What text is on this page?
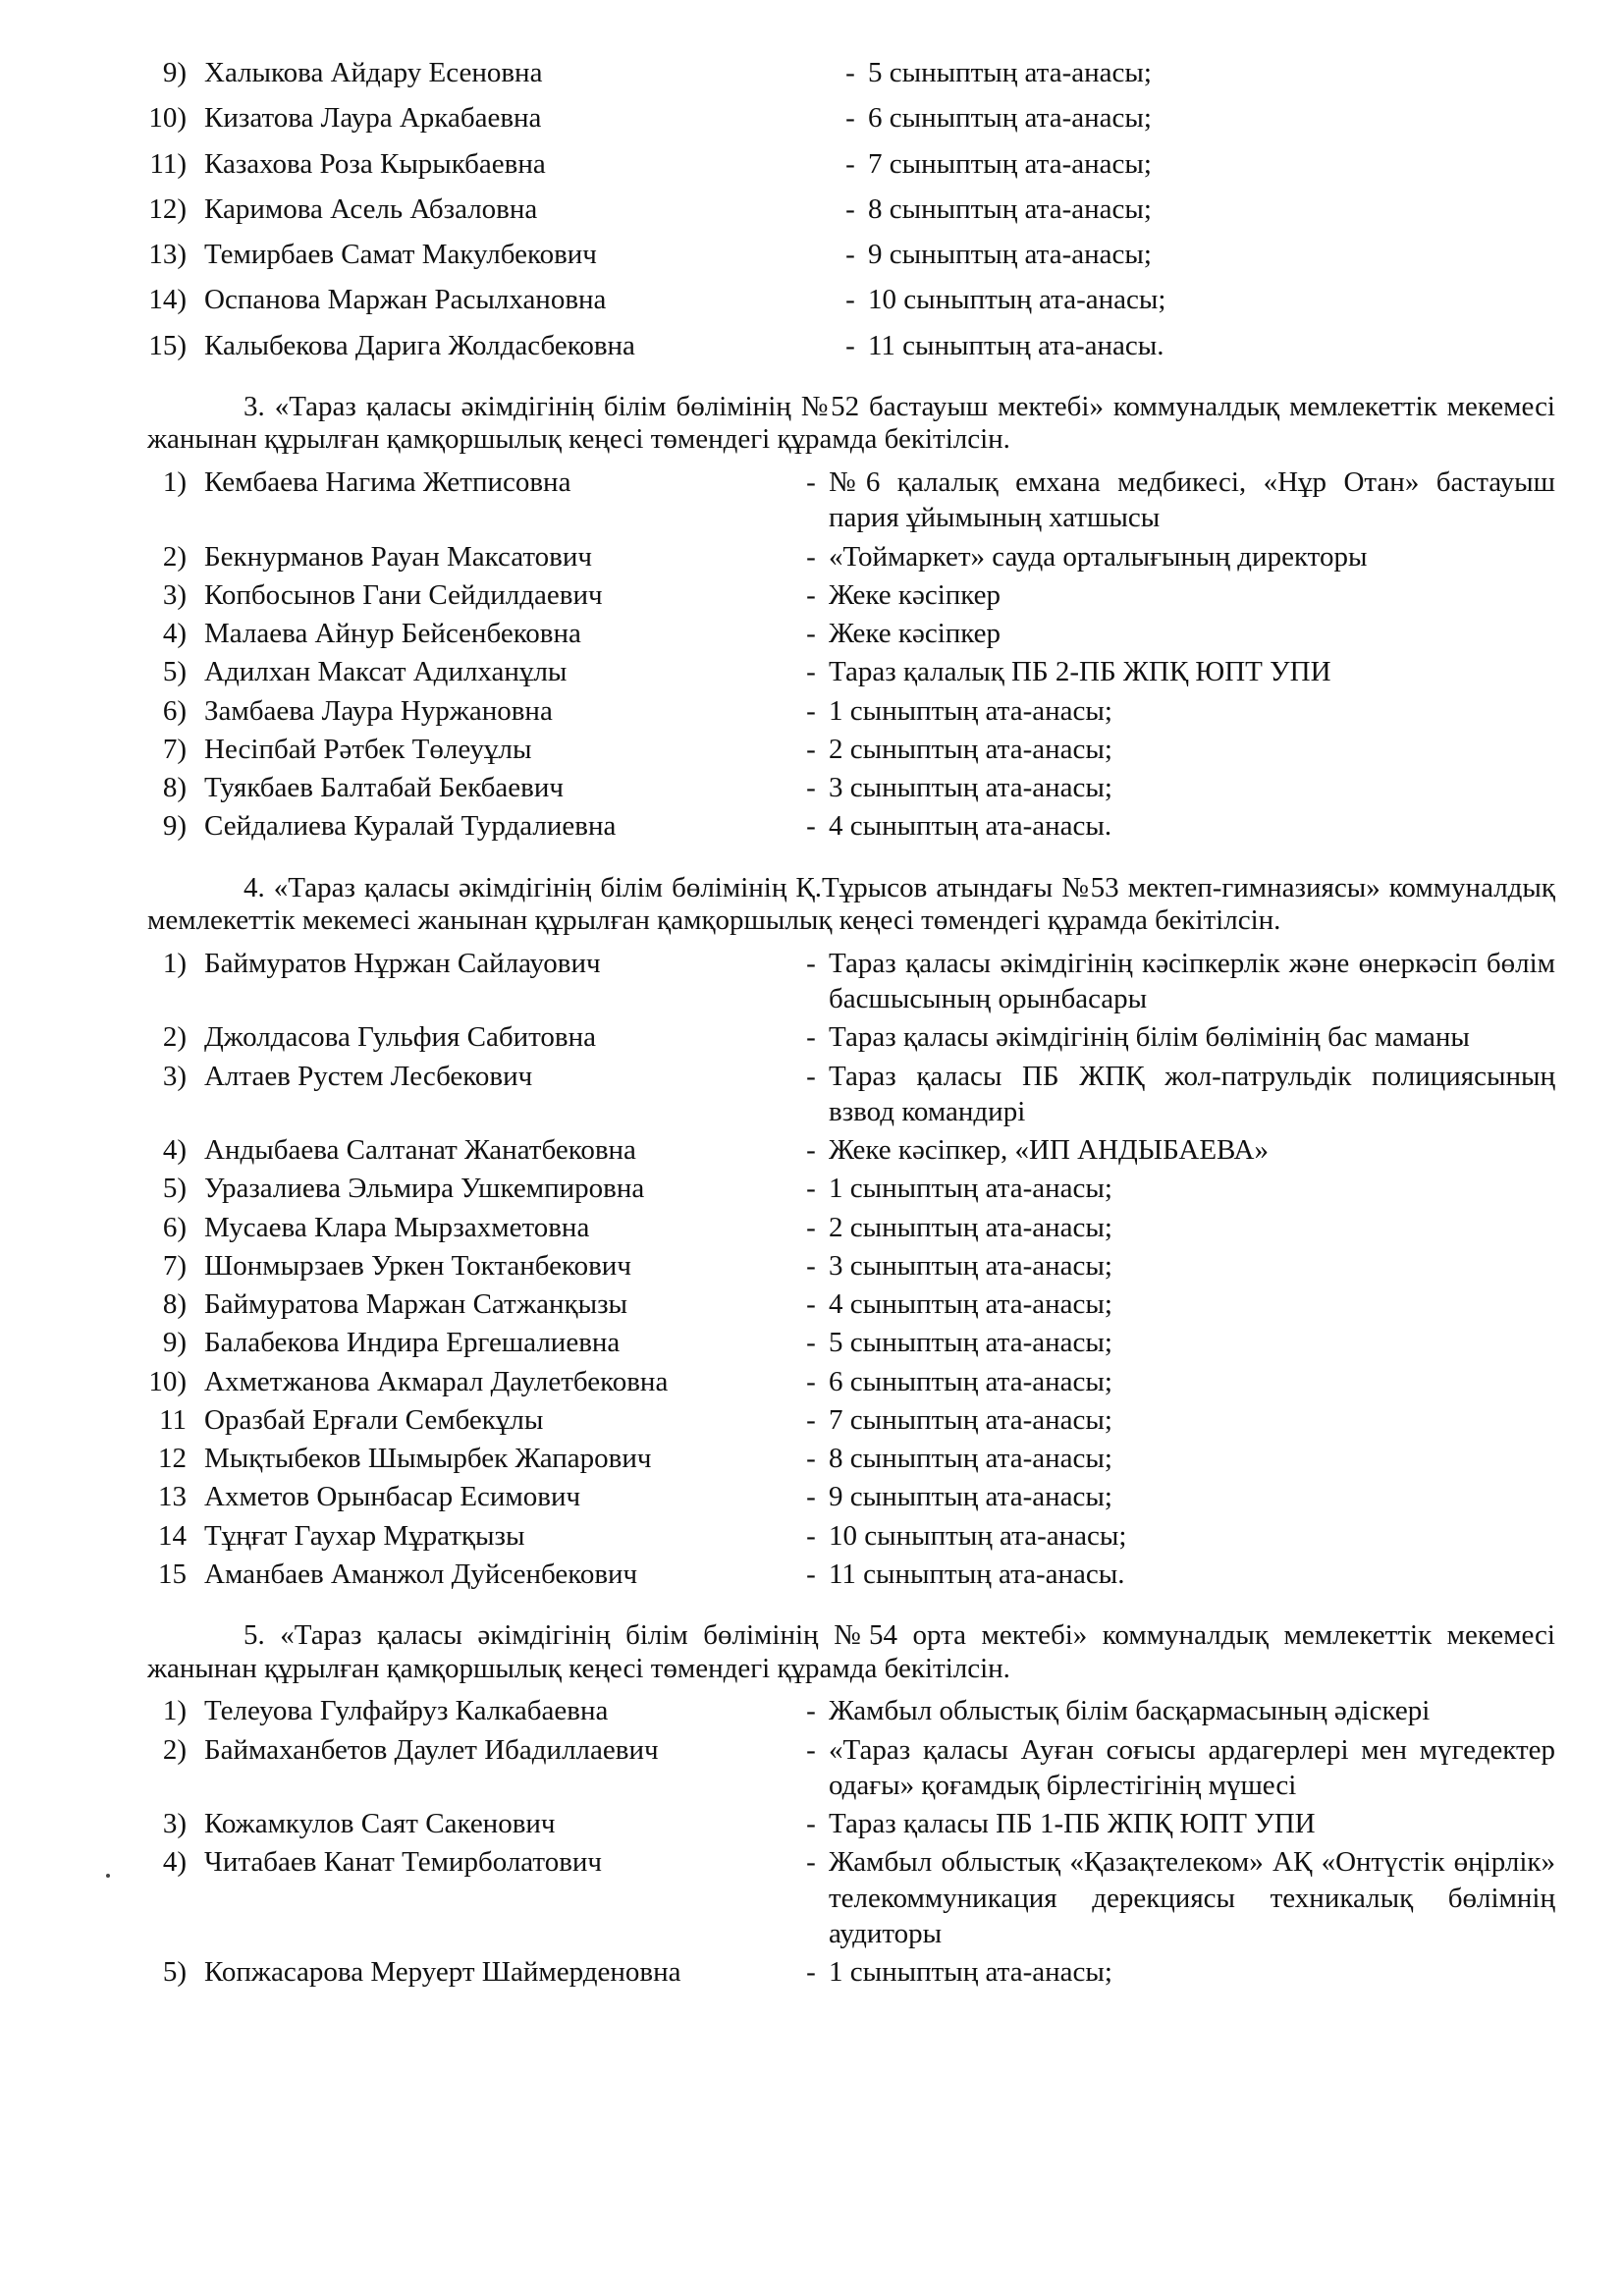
9) Халыкова Айдару Есеновна	- 5 сыныптың ата-анасы;
10) Кизатова Лаура Аркабаевна	- 6 сыныптың ата-анасы;
11) Казахова Роза Кырыкбаевна	- 7 сыныптың ата-анасы;
12) Каримова Асель Абзаловна	- 8 сыныптың ата-анасы;
13) Темирбаев Самат Макулбекович	- 9 сыныптың ата-анасы;
14) Оспанова Маржан Расылхановна	- 10 сыныптың ата-анасы;
15) Калыбекова Дарига Жолдасбековна	- 11 сыныптың ата-анасы.

3. «Тараз қаласы әкімдігінің білім бөлімінің №52 бастауыш мектебі» коммуналдық мемлекеттік мекемесі жанынан құрылған қамқоршылық кеңесі төмендегі құрамда бекітілсін.

1) Кембаева Нагима Жетписовна	- №6 қалалық емхана медбикесі, «Нұр Отан» бастауыш пария ұйымының хатшысы
2) Бекнурманов Рауан Максатович	- «Тоймаркет» сауда орталығының директоры
3) Копбосынов Гани Сейдилдаевич	- Жеке кәсіпкер
4) Малаева Айнур Бейсенбековна	- Жеке кәсіпкер
5) Адилхан Максат Адилханұлы	- Тараз қалалық ПБ 2-ПБ ЖПҚ ЮПТ УПИ
6) Замбаева Лаура Нуржановна	- 1 сыныптың ата-анасы;
7) Несіпбай Рәтбек Төлеуұлы	- 2 сыныптың ата-анасы;
8) Туякбаев Балтабай Бекбаевич	- 3 сыныптың ата-анасы;
9) Сейдалиева Куралай Турдалиевна	- 4 сыныптың ата-анасы.

4. «Тараз қаласы әкімдігінің білім бөлімінің Қ.Тұрысов атындағы №53 мектеп-гимназиясы» коммуналдық мемлекеттік мекемесі жанынан құрылған қамқоршылық кеңесі төмендегі құрамда бекітілсін.

1) Баймуратов Нұржан Сайлауович	- Тараз қаласы әкімдігінің кәсіпкерлік және өнеркәсіп бөлім басшысының орынбасары
2) Джолдасова Гульфия Сабитовна	- Тараз қаласы әкімдігінің білім бөлімінің бас маманы
3) Алтаев Рустем Лесбекович	- Тараз қаласы ПБ ЖПҚ жол-патрульдік полициясының взвод командирі
4) Андыбаева Салтанат Жанатбековна	- Жеке кәсіпкер, «ИП АНДЫБАЕВА»
5) Уразалиева Эльмира Ушкемпировна	- 1 сыныптың ата-анасы;
6) Мусаева Клара Мырзахметовна	- 2 сыныптың ата-анасы;
7) Шонмырзаев Уркен Токтанбекович	- 3 сыныптың ата-анасы;
8) Баймуратова Маржан Сатжанқызы	- 4 сыныптың ата-анасы;
9) Балабекова Индира Ергешалиевна	- 5 сыныптың ата-анасы;
10) Ахметжанова Акмарал Даулетбековна	- 6 сыныптың ата-анасы;
11 Оразбай Ерғали Сембекұлы	- 7 сыныптың ата-анасы;
12 Мықтыбеков Шымырбек Жапарович	- 8 сыныптың ата-анасы;
13 Ахметов Орынбасар Есимович	- 9 сыныптың ата-анасы;
14 Тұңғат Гаухар Мұратқызы	- 10 сыныптың ата-анасы;
15 Аманбаев Аманжол Дуйсенбекович	- 11 сыныптың ата-анасы.

5. «Тараз қаласы әкімдігінің білім бөлімінің №54 орта мектебі» коммуналдық мемлекеттік мекемесі жанынан құрылған қамқоршылық кеңесі төмендегі құрамда бекітілсін.

1) Телеуова Гулфайруз Калкабаевна	- Жамбыл облыстық білім басқармасының әдіскері
2) Баймаханбетов Даулет Ибадиллаевич	- «Тараз қаласы Ауған соғысы ардагерлері мен мүгедектер одағы» қоғамдық бірлестігінің мүшесі
3) Кожамкулов Саят Сакенович	- Тараз қаласы ПБ 1-ПБ ЖПҚ ЮПТ УПИ
4) Читабаев Канат Темирболатович	- Жамбыл облыстық «Қазақтелеком» АҚ «Онтүстік өңірлік» телекоммуникация дерекциясы техникалық бөлімнің аудиторы
5) Копжасарова Меруерт Шаймерденовна	- 1 сыныптың ата-анасы;
